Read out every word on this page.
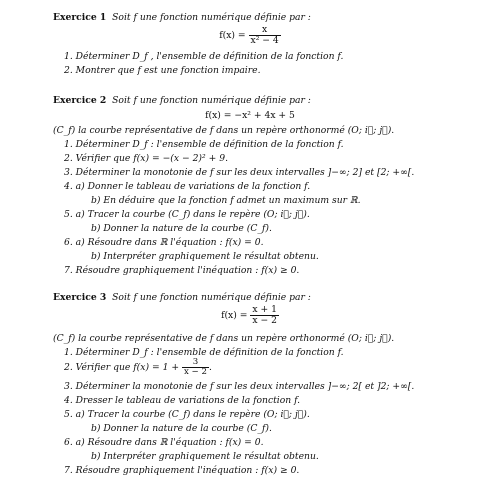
Exercice 1 Soit f une fonction numérique définie par :
$f(x) = \frac{x}{\text{x² − 4}}$
1. Déterminer D_f , l'ensemble de définition de la fonction f.
2. Montrer que f est une fonction impaire.
Exercice 2 Soit f une fonction numérique définie par :
f(x) = −x² + 4x + 5
(C_f) la courbe représentative de f dans un repère orthonormé (O; i⃗; j⃗).
1. Déterminer D_f : l'ensemble de définition de la fonction f.
2. Vérifier que f(x) = −(x − 2)² + 9.
3. Déterminer la monotonie de f sur les deux intervalles ]−∞; 2] et [2; +∞[.
4. a) Donner le tableau de variations de la fonction f.
b) En déduire que la fonction f admet un maximum sur ℝ.
5. a) Tracer la courbe (C_f) dans le repère (O; i⃗; j⃗).
b) Donner la nature de la courbe (C_f).
6. a) Résoudre dans ℝ l'équation : f(x) = 0.
b) Interpréter graphiquement le résultat obtenu.
7. Résoudre graphiquement l'inéquation : f(x) ≥ 0.
Exercice 3 Soit f une fonction numérique définie par :
$f(x) = \frac{x + 1}{x - 2}$
(C_f) la courbe représentative de f dans un repère orthonormé (O; i⃗; j⃗).
1. Déterminer D_f : l'ensemble de définition de la fonction f.
2. Vérifier que $f(x) = 1 + \frac{3}{x - 2}$ .
3. Déterminer la monotonie de f sur les deux intervalles ]−∞; 2[ et ]2; +∞[.
4. Dresser le tableau de variations de la fonction f.
5. a) Tracer la courbe (C_f) dans le repère (O; i⃗; j⃗).
b) Donner la nature de la courbe (C_f).
6. a) Résoudre dans ℝ l'équation : f(x) = 0.
b) Interpréter graphiquement le résultat obtenu.
7. Résoudre graphiquement l'inéquation : f(x) ≥ 0.
